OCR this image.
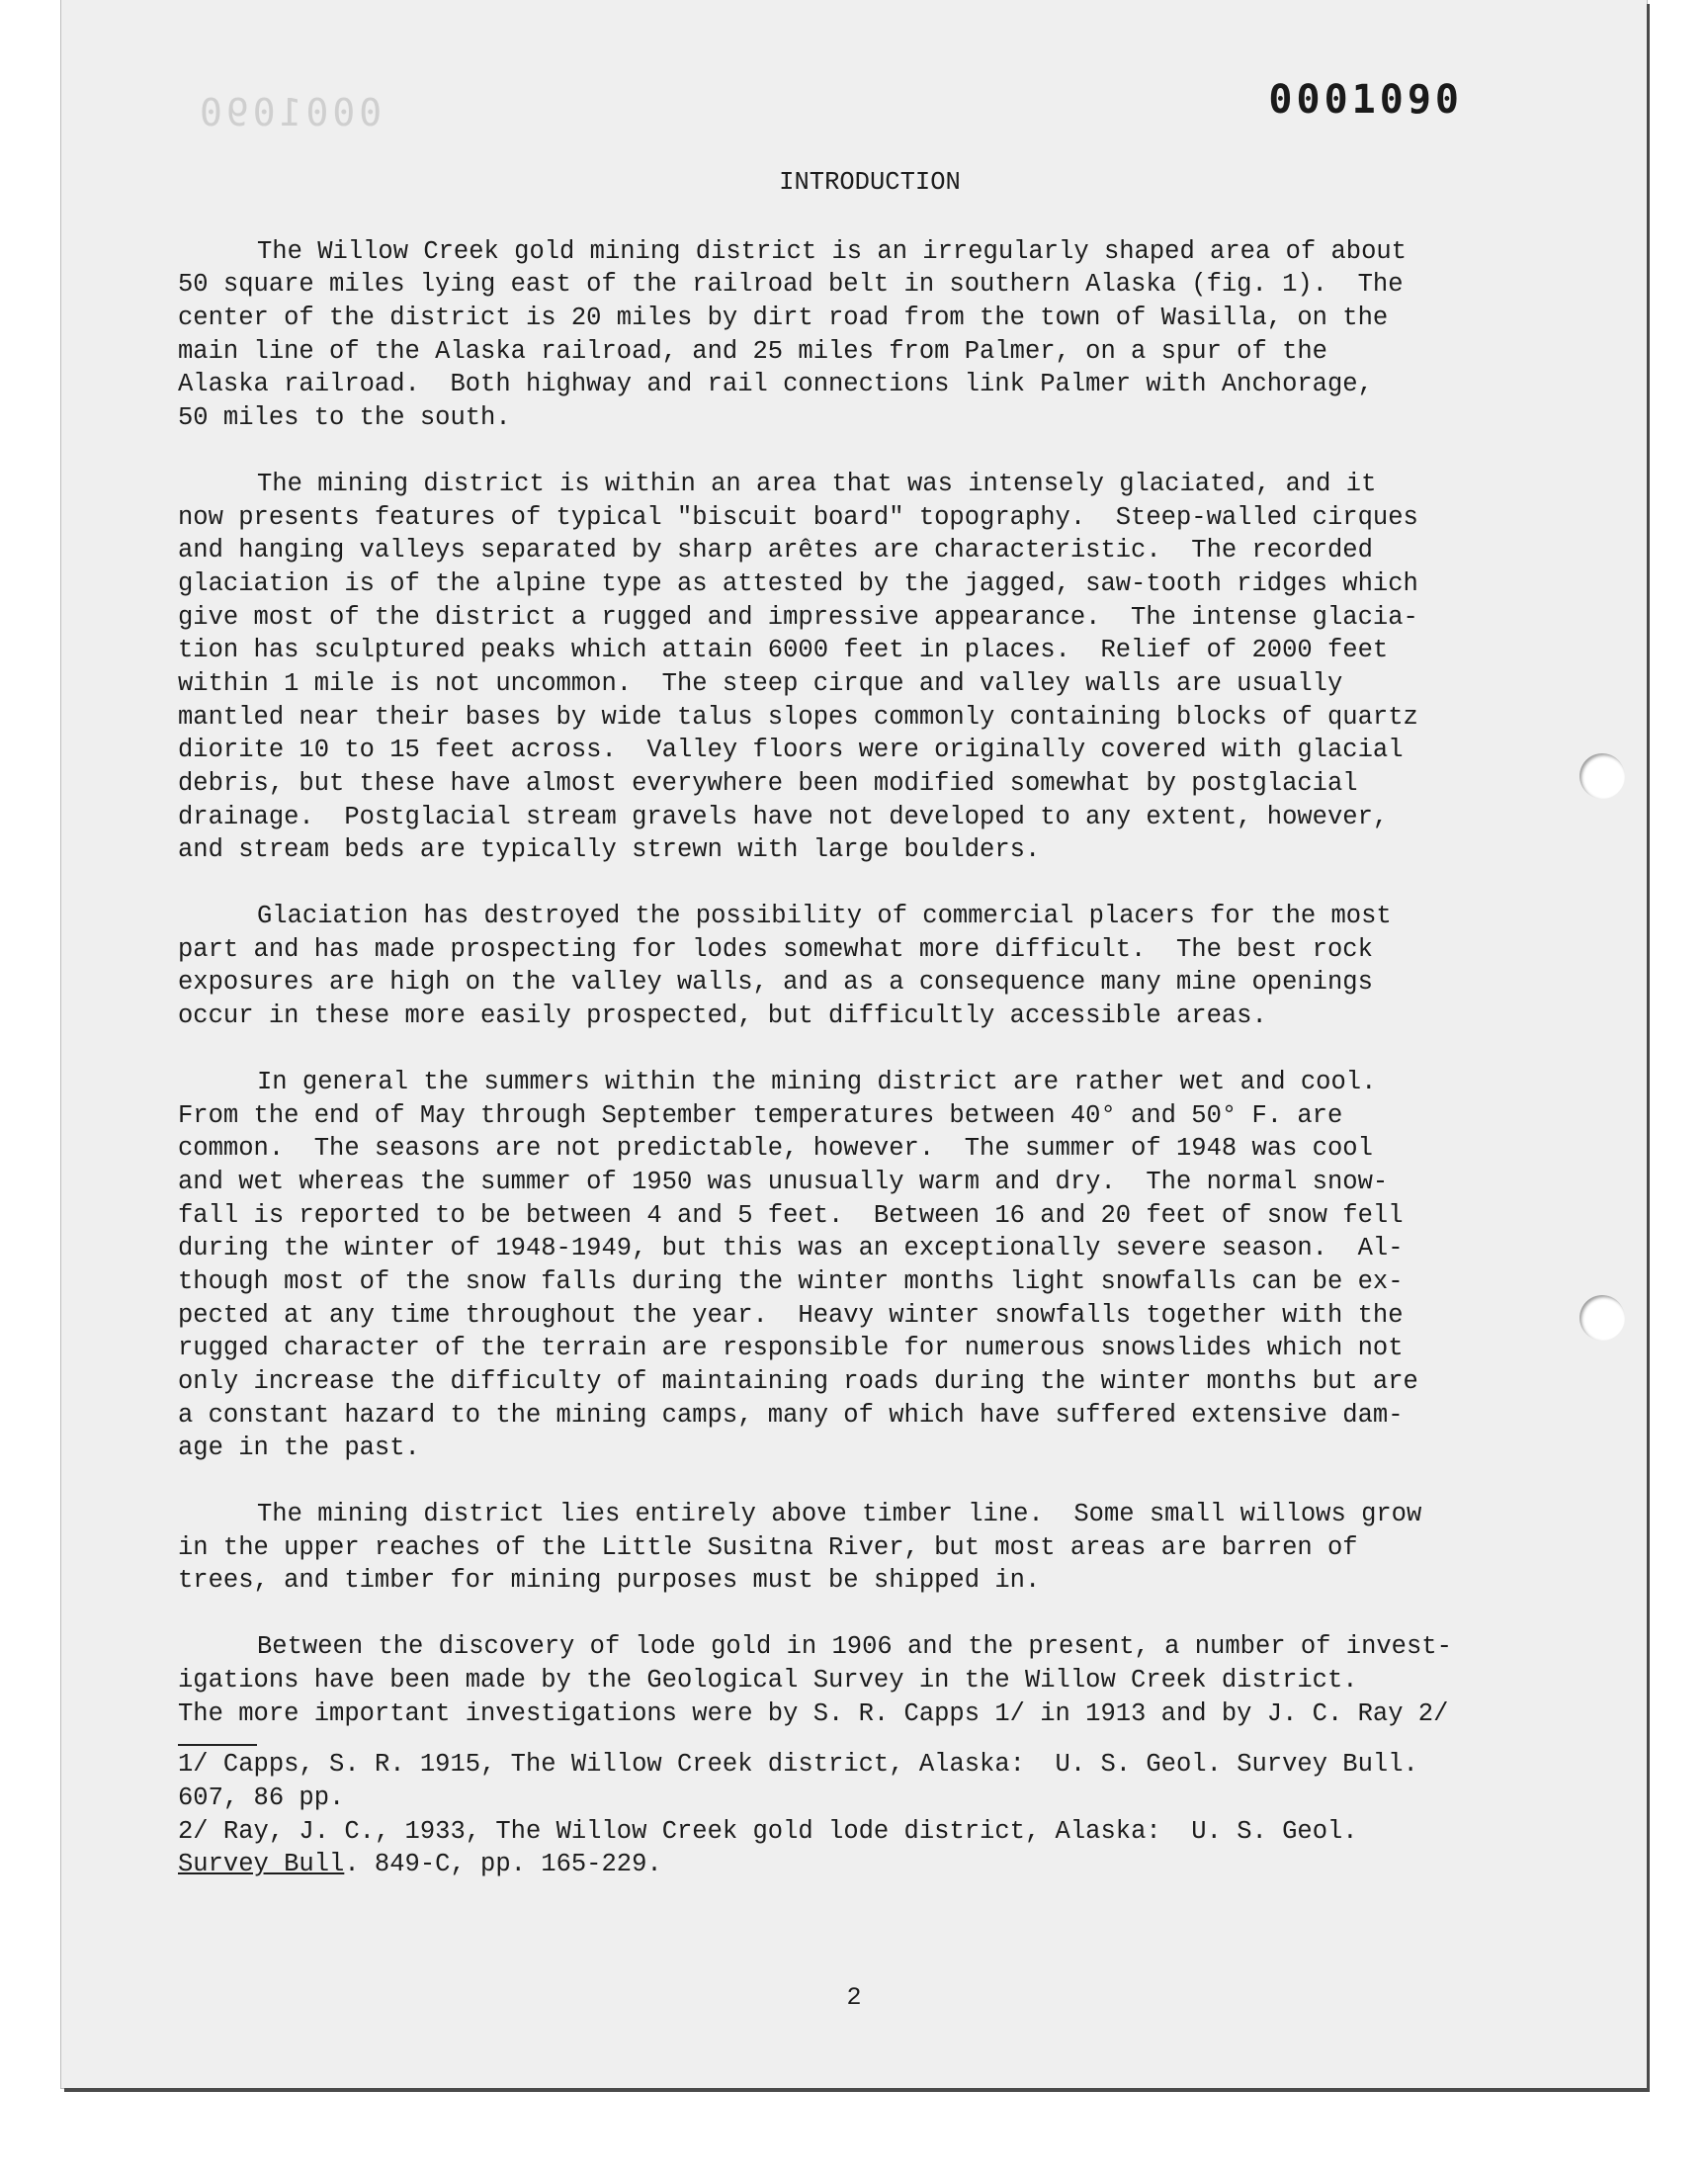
0001090	0001090
INTRODUCTION
The Willow Creek gold mining district is an irregularly shaped area of about
50 square miles lying east of the railroad belt in southern Alaska (fig. 1).  The
center of the district is 20 miles by dirt road from the town of Wasilla, on the
main line of the Alaska railroad, and 25 miles from Palmer, on a spur of the
Alaska railroad.  Both highway and rail connections link Palmer with Anchorage,
50 miles to the south.
The mining district is within an area that was intensely glaciated, and it
now presents features of typical "biscuit board" topography.  Steep-walled cirques
and hanging valleys separated by sharp arêtes are characteristic.  The recorded
glaciation is of the alpine type as attested by the jagged, saw-tooth ridges which
give most of the district a rugged and impressive appearance.  The intense glacia-
tion has sculptured peaks which attain 6000 feet in places.  Relief of 2000 feet
within 1 mile is not uncommon.  The steep cirque and valley walls are usually
mantled near their bases by wide talus slopes commonly containing blocks of quartz
diorite 10 to 15 feet across.  Valley floors were originally covered with glacial
debris, but these have almost everywhere been modified somewhat by postglacial
drainage.  Postglacial stream gravels have not developed to any extent, however,
and stream beds are typically strewn with large boulders.
Glaciation has destroyed the possibility of commercial placers for the most
part and has made prospecting for lodes somewhat more difficult.  The best rock
exposures are high on the valley walls, and as a consequence many mine openings
occur in these more easily prospected, but difficultly accessible areas.
In general the summers within the mining district are rather wet and cool.
From the end of May through September temperatures between 40° and 50° F. are
common.  The seasons are not predictable, however.  The summer of 1948 was cool
and wet whereas the summer of 1950 was unusually warm and dry.  The normal snow-
fall is reported to be between 4 and 5 feet.  Between 16 and 20 feet of snow fell
during the winter of 1948-1949, but this was an exceptionally severe season.  Al-
though most of the snow falls during the winter months light snowfalls can be ex-
pected at any time throughout the year.  Heavy winter snowfalls together with the
rugged character of the terrain are responsible for numerous snowslides which not
only increase the difficulty of maintaining roads during the winter months but are
a constant hazard to the mining camps, many of which have suffered extensive dam-
age in the past.
The mining district lies entirely above timber line.  Some small willows grow
in the upper reaches of the Little Susitna River, but most areas are barren of
trees, and timber for mining purposes must be shipped in.
Between the discovery of lode gold in 1906 and the present, a number of invest-
igations have been made by the Geological Survey in the Willow Creek district.
The more important investigations were by S. R. Capps 1/ in 1913 and by J. C. Ray 2/
1/ Capps, S. R. 1915, The Willow Creek district, Alaska:  U. S. Geol. Survey Bull.
607, 86 pp.
2/ Ray, J. C., 1933, The Willow Creek gold lode district, Alaska:  U. S. Geol.
Survey Bull. 849-C, pp. 165-229.
2
